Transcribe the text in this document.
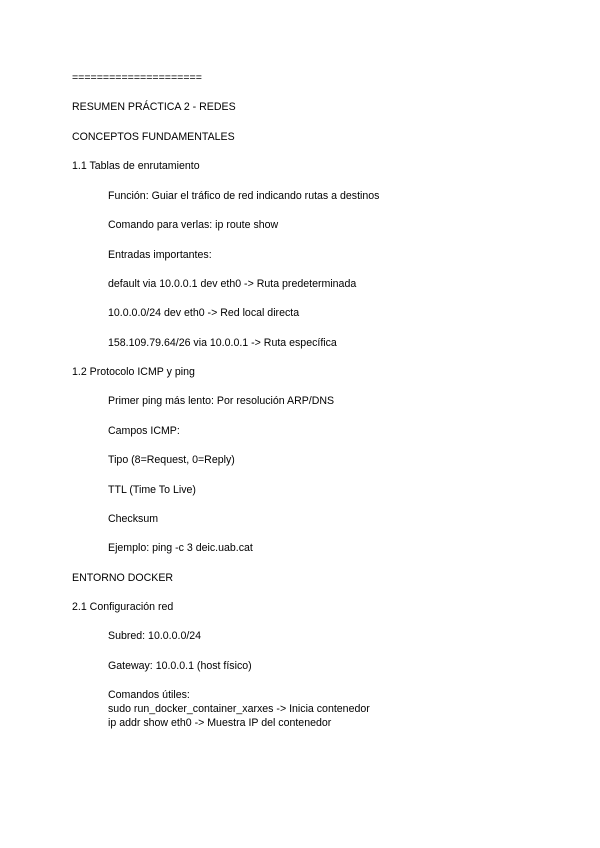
=====================
RESUMEN PRÁCTICA 2 - REDES
CONCEPTOS FUNDAMENTALES
1.1 Tablas de enrutamiento
Función: Guiar el tráfico de red indicando rutas a destinos
Comando para verlas: ip route show
Entradas importantes:
default via 10.0.0.1 dev eth0 -> Ruta predeterminada
10.0.0.0/24 dev eth0 -> Red local directa
158.109.79.64/26 via 10.0.0.1 -> Ruta específica
1.2 Protocolo ICMP y ping
Primer ping más lento: Por resolución ARP/DNS
Campos ICMP:
Tipo (8=Request, 0=Reply)
TTL (Time To Live)
Checksum
Ejemplo: ping -c 3 deic.uab.cat
ENTORNO DOCKER
2.1 Configuración red
Subred: 10.0.0.0/24
Gateway: 10.0.0.1 (host físico)
Comandos útiles:
sudo run_docker_container_xarxes -> Inicia contenedor
ip addr show eth0 -> Muestra IP del contenedor
